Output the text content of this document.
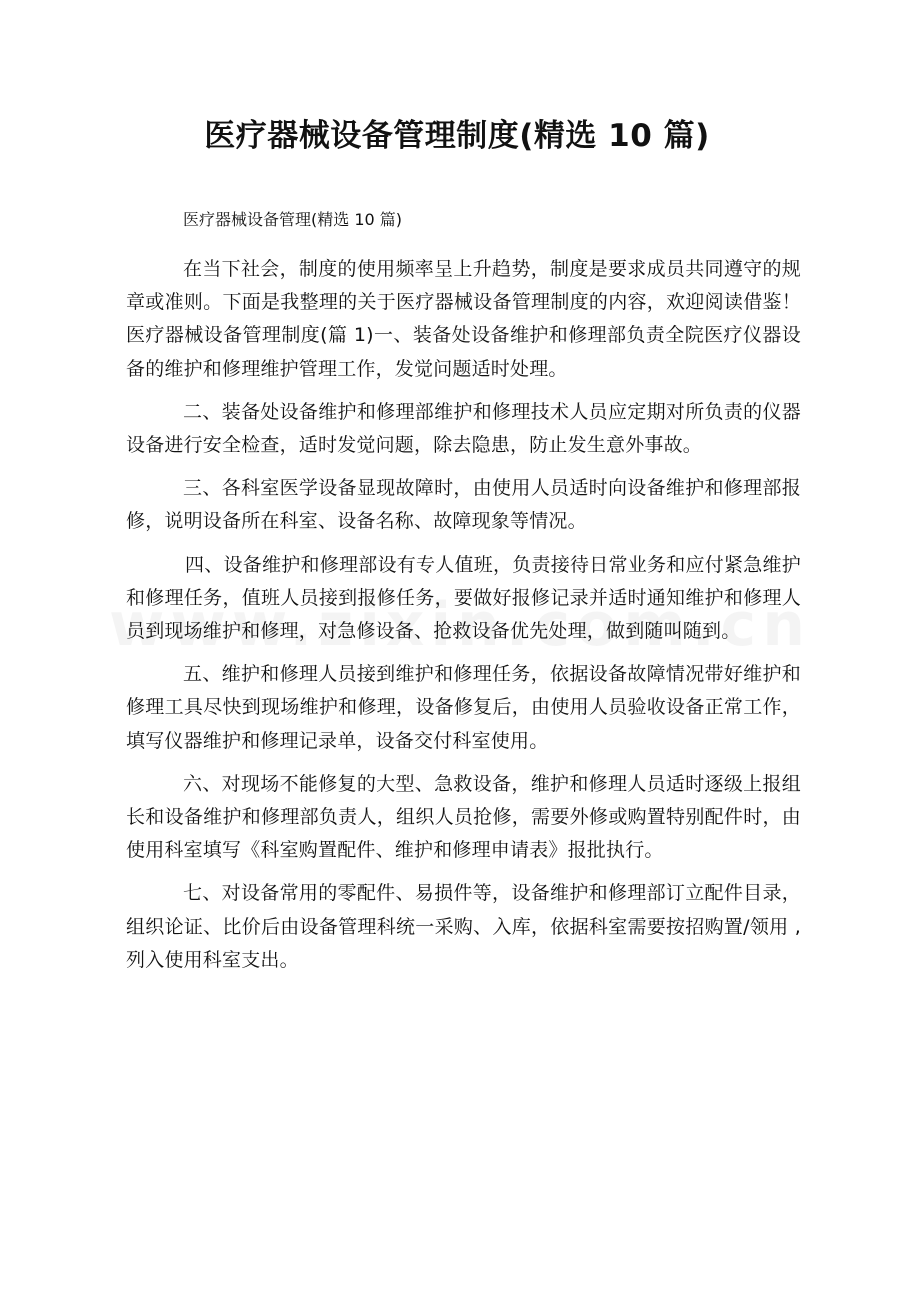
医疗器械设备管理制度(精选 10 篇)

医疗器械设备管理(精选 10 篇)

在当下社会，制度的使用频率呈上升趋势，制度是要求成员共同遵守的规章或准则。下面是我整理的关于医疗器械设备管理制度的内容，欢迎阅读借鉴！医疗器械设备管理制度(篇 1)一、装备处设备维护和修理部负责全院医疗仪器设备的维护和修理维护管理工作，发觉问题适时处理。

二、装备处设备维护和修理部维护和修理技术人员应定期对所负责的仪器设备进行安全检查，适时发觉问题，除去隐患，防止发生意外事故。

三、各科室医学设备显现故障时，由使用人员适时向设备维护和修理部报修，说明设备所在科室、设备名称、故障现象等情况。

四、设备维护和修理部设有专人值班，负责接待日常业务和应付紧急维护和修理任务，值班人员接到报修任务，要做好报修记录并适时通知维护和修理人员到现场维护和修理，对急修设备、抢救设备优先处理，做到随叫随到。

五、维护和修理人员接到维护和修理任务，依据设备故障情况带好维护和修理工具尽快到现场维护和修理，设备修复后，由使用人员验收设备正常工作，填写仪器维护和修理记录单，设备交付科室使用。

六、对现场不能修复的大型、急救设备，维护和修理人员适时逐级上报组长和设备维护和修理部负责人，组织人员抢修，需要外修或购置特别配件时，由使用科室填写《科室购置配件、维护和修理申请表》报批执行。

七、对设备常用的零配件、易损件等，设备维护和修理部订立配件目录，组织论证、比价后由设备管理科统一采购、入库，依据科室需要按招购置/领用 ,列入使用科室支出。
